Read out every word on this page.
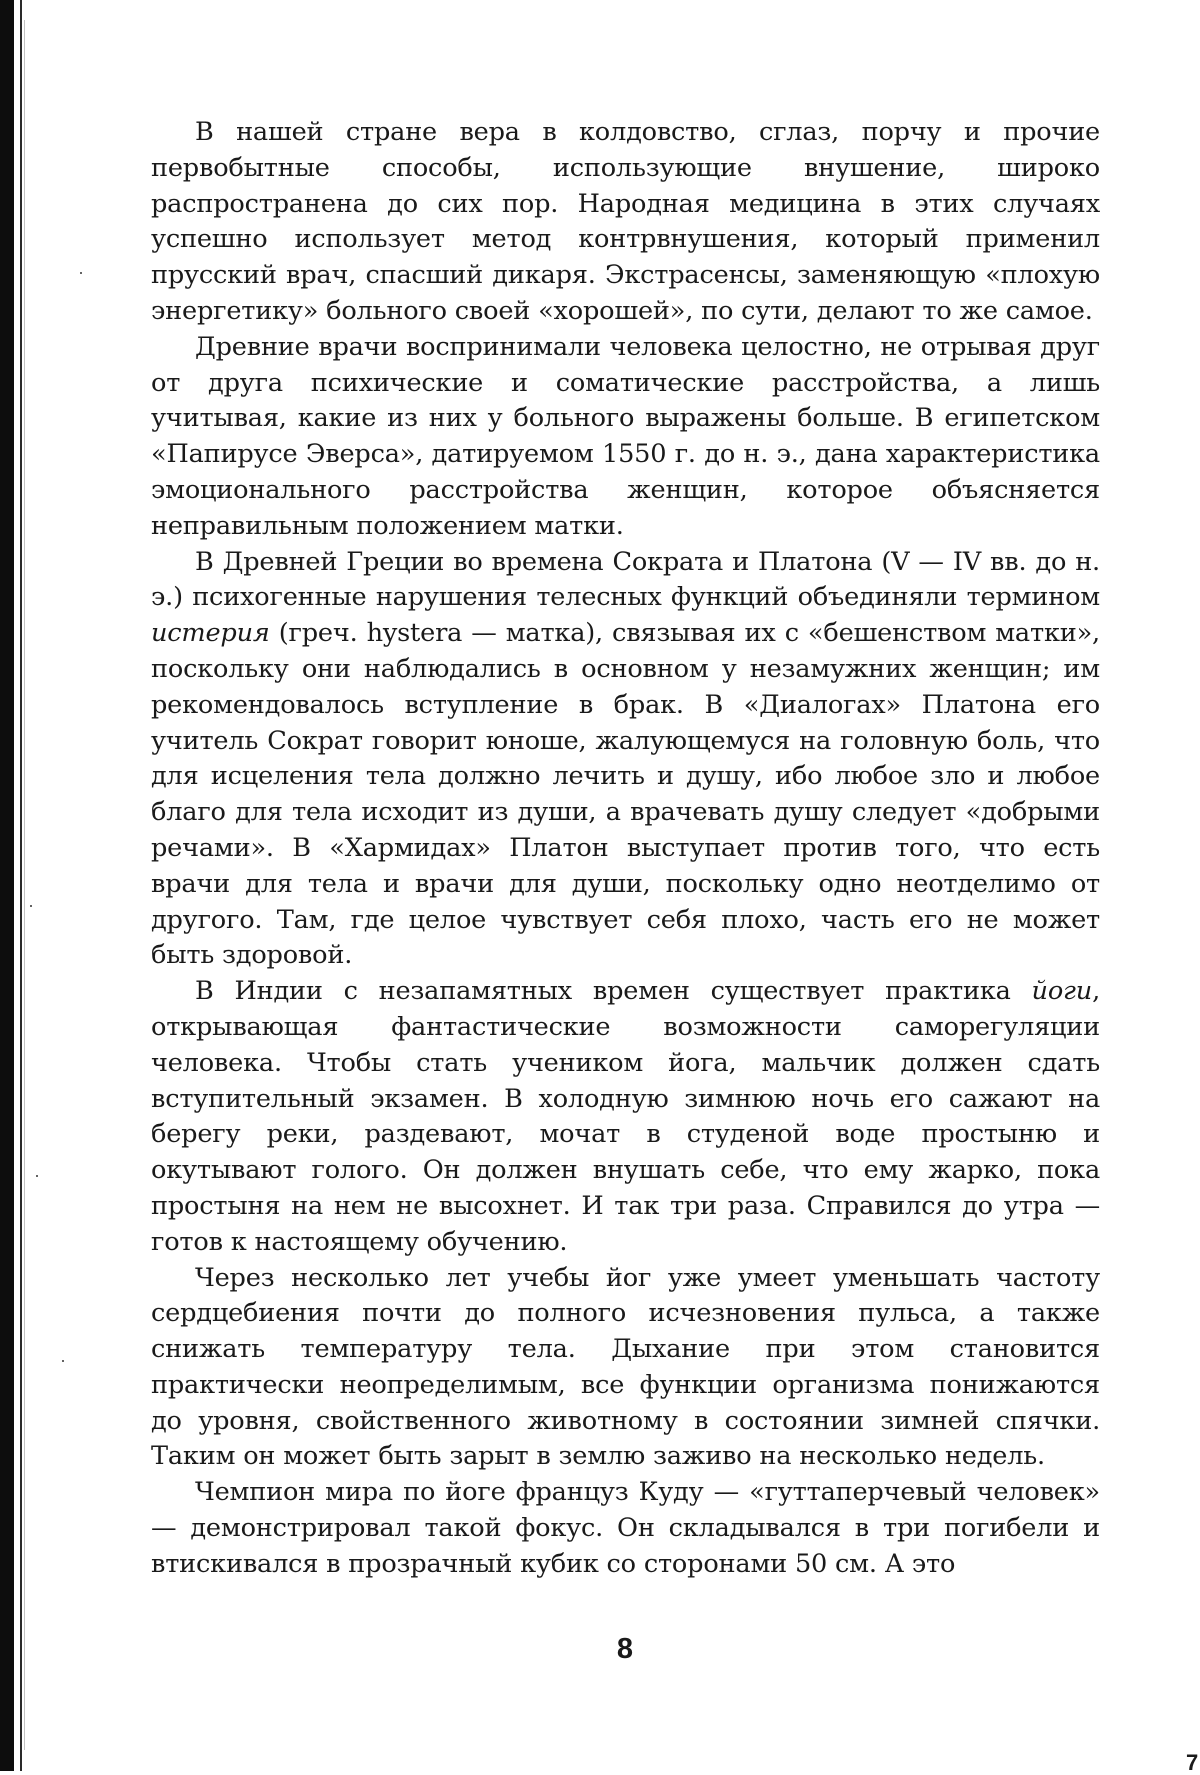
В нашей стране вера в колдовство, сглаз, порчу и прочие первобытные способы, использующие внушение, широко распространена до сих пор. Народная медицина в этих случаях успешно использует метод контрвнушения, который применил прусский врач, спасший дикаря. Экстрасенсы, заменяющую «плохую энергетику» больного своей «хорошей», по сути, делают то же самое.

Древние врачи воспринимали человека целостно, не отрывая друг от друга психические и соматические расстройства, а лишь учитывая, какие из них у больного выражены больше. В египетском «Папирусе Эверса», датируемом 1550 г. до н. э., дана характеристика эмоционального расстройства женщин, которое объясняется неправильным положением матки.

В Древней Греции во времена Сократа и Платона (V — IV вв. до н. э.) психогенные нарушения телесных функций объединяли термином истерия (греч. hystera — матка), связывая их с «бешенством матки», поскольку они наблюдались в основном у незамужних женщин; им рекомендовалось вступление в брак. В «Диалогах» Платона его учитель Сократ говорит юноше, жалующемуся на головную боль, что для исцеления тела должно лечить и душу, ибо любое зло и любое благо для тела исходит из души, а врачевать душу следует «добрыми речами». В «Хармидах» Платон выступает против того, что есть врачи для тела и врачи для души, поскольку одно неотделимо от другого. Там, где целое чувствует себя плохо, часть его не может быть здоровой.

В Индии с незапамятных времен существует практика йоги, открывающая фантастические возможности саморегуляции человека. Чтобы стать учеником йога, мальчик должен сдать вступительный экзамен. В холодную зимнюю ночь его сажают на берегу реки, раздевают, мочат в студеной воде простыню и окутывают голого. Он должен внушать себе, что ему жарко, пока простыня на нем не высохнет. И так три раза. Справился до утра — готов к настоящему обучению.

Через несколько лет учебы йог уже умеет уменьшать частоту сердцебиения почти до полного исчезновения пульса, а также снижать температуру тела. Дыхание при этом становится практически неопределимым, все функции организма понижаются до уровня, свойственного животному в состоянии зимней спячки. Таким он может быть зарыт в землю заживо на несколько недель.

Чемпион мира по йоге француз Куду — «гуттаперчевый человек» — демонстрировал такой фокус. Он складывался в три погибели и втискивался в прозрачный кубик со сторонами 50 см. А это

8
7
